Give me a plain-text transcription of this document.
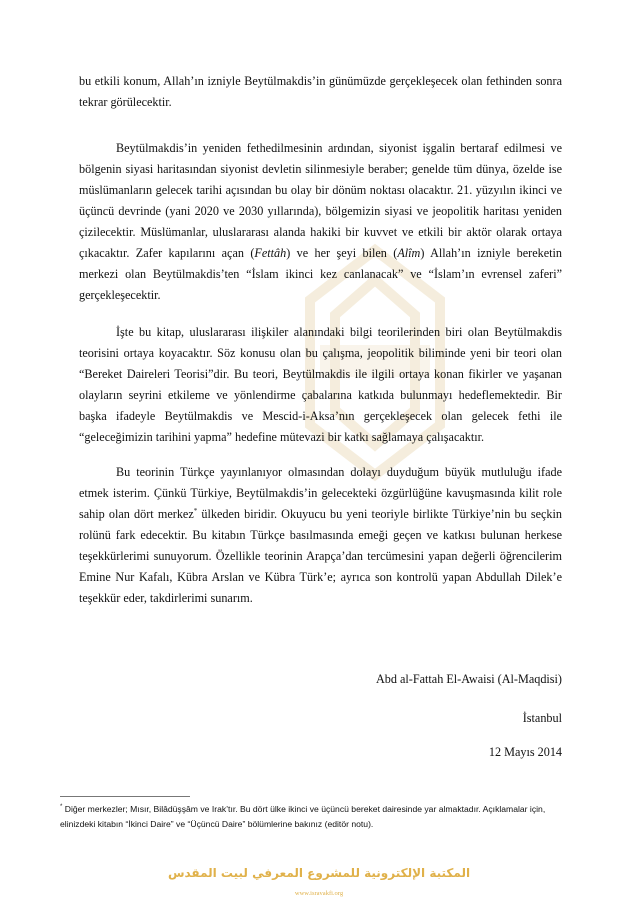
bu etkili konum, Allah’ın izniyle Beytülmakdis’in günümüzde gerçekleşecek olan fethinden sonra tekrar görülecektir.

Beytülmakdis’in yeniden fethedilmesinin ardından, siyonist işgalin bertaraf edilmesi ve bölgenin siyasi haritasından siyonist devletin silinmesiyle beraber; genelde tüm dünya, özelde ise müslümanların gelecek tarihi açısından bu olay bir dönüm noktası olacaktır. 21. yüzyılın ikinci ve üçüncü devrinde (yani 2020 ve 2030 yıllarında), bölgemizin siyasi ve jeopolitik haritası yeniden çizilecektir. Müslümanlar, uluslararası alanda hakiki bir kuvvet ve etkili bir aktör olarak ortaya çıkacaktır. Zafer kapılarını açan (Fettâh) ve her şeyi bilen (Alîm) Allah’ın izniyle bereketin merkezi olan Beytülmakdis’ten “İslam ikinci kez canlanacak” ve “İslam’ın evrensel zaferi” gerçekleşecektir.

İşte bu kitap, uluslararası ilişkiler alanındaki bilgi teorilerinden biri olan Beytülmakdis teorisini ortaya koyacaktır. Söz konusu olan bu çalışma, jeopolitik biliminde yeni bir teori olan “Bereket Daireleri Teorisi”dir. Bu teori, Beytülmakdis ile ilgili ortaya konan fikirler ve yaşanan olayların seyrini etkileme ve yönlendirme çabalarına katkıda bulunmayı hedeflemektedir. Bir başka ifadeyle Beytülmakdis ve Mescid-i-Aksa’nın gerçekleşecek olan gelecek fethi ile “geleceğimizin tarihini yapma” hedefine mütevazi bir katkı sağlamaya çalışacaktır.

Bu teorinin Türkçe yayınlanıyor olmasından dolayı duyduğum büyük mutluluğu ifade etmek isterim. Çünkü Türkiye, Beytülmakdis’in gelecekteki özgürlüğüne kavuşmasında kilit role sahip olan dört merkez* ülkeden biridir. Okuyucu bu yeni teoriyle birlikte Türkiye’nin bu seçkin rolünü fark edecektir. Bu kitabın Türkçe basılmasında emeği geçen ve katkısı bulunan herkese teşekkürlerimi sunuyorum. Özellikle teorinin Arapça’dan tercümesini yapan değerli öğrencilerim Emine Nur Kafalı, Kübra Arslan ve Kübra Türk’e; ayrıca son kontrolü yapan Abdullah Dilek’e teşekkür eder, takdirlerimi sunarım.

Abd al-Fattah El-Awaisi (Al-Maqdisi)
İstanbul
12 Mayıs 2014
* Diğer merkezler; Mısır, Bilâdüşşâm ve Irak’tır. Bu dört ülke ikinci ve üçüncü bereket dairesinde yar almaktadır. Açıklamalar için, elinizdeki kitabın “İkinci Daire” ve “Üçüncü Daire” bölümlerine bakınız (editör notu).
المكتبة الإلكترونية للمشروع المعرفي لبيت المقدس
www.isravakfi.org
